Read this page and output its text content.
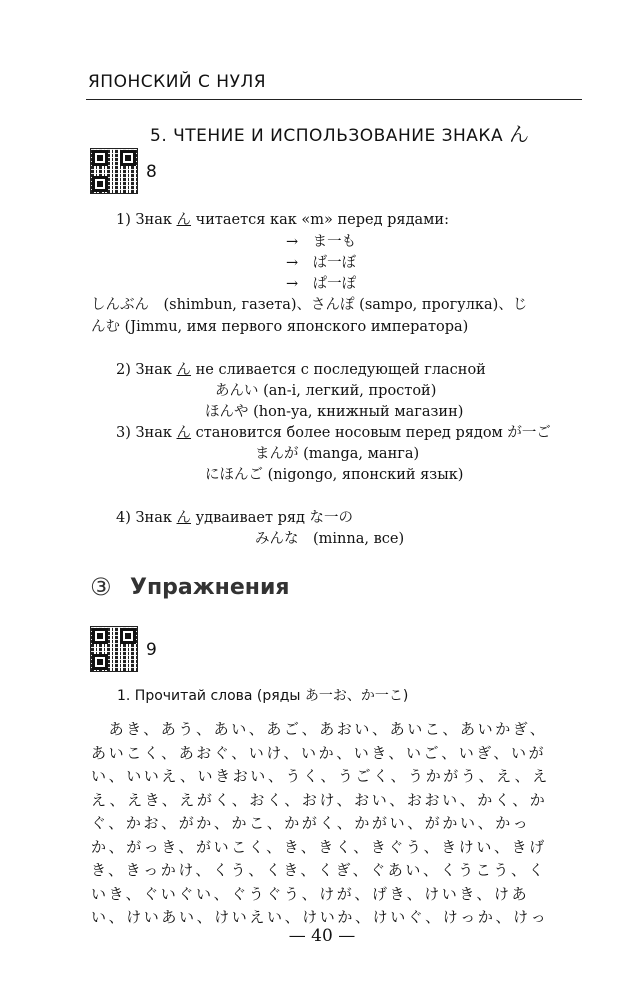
ЯПОНСКИЙ С НУЛЯ
5. ЧТЕНИЕ И ИСПОЛЬЗОВАНИЕ ЗНАКА ん
8
1) Знак ん читается как «m» перед рядами:
→　ま一も
→　ば一ぼ
→　ぱ一ぽ
しんぶん　(shimbun, газета)、さんぽ (sampo, прогулка)、じ
んむ (Jimmu, имя первого японского императора)
2) Знак ん не сливается с последующей гласной
あんい (an-i, легкий, простой)
ほんや (hon-ya, книжный магазин)
3) Знак ん становится более носовым перед рядом が一ご
まんが (manga, манга)
にほんご (nigongo, японский язык)
4) Знак ん удваивает ряд な一の
みんな　(minna, все)
③ Упражнения
9
1. Прочитай слова (ряды あ一お、か一こ)
　あき、あう、あい、あご、あおい、あいこ、あいかぎ、
あいこく、あおぐ、いけ、いか、いき、いご、いぎ、いが
い、いいえ、いきおい、うく、うごく、うかがう、え、え
え、えき、えがく、おく、おけ、おい、おおい、かく、か
ぐ、かお、がか、かこ、かがく、かがい、がかい、かっ
か、がっき、がいこく、き、きく、きぐう、きけい、きげ
き、きっかけ、くう、くき、くぎ、ぐあい、くうこう、く
いき、ぐいぐい、ぐうぐう、けが、げき、けいき、けあ
い、けいあい、けいえい、けいか、けいぐ、けっか、けっ
— 40 —
